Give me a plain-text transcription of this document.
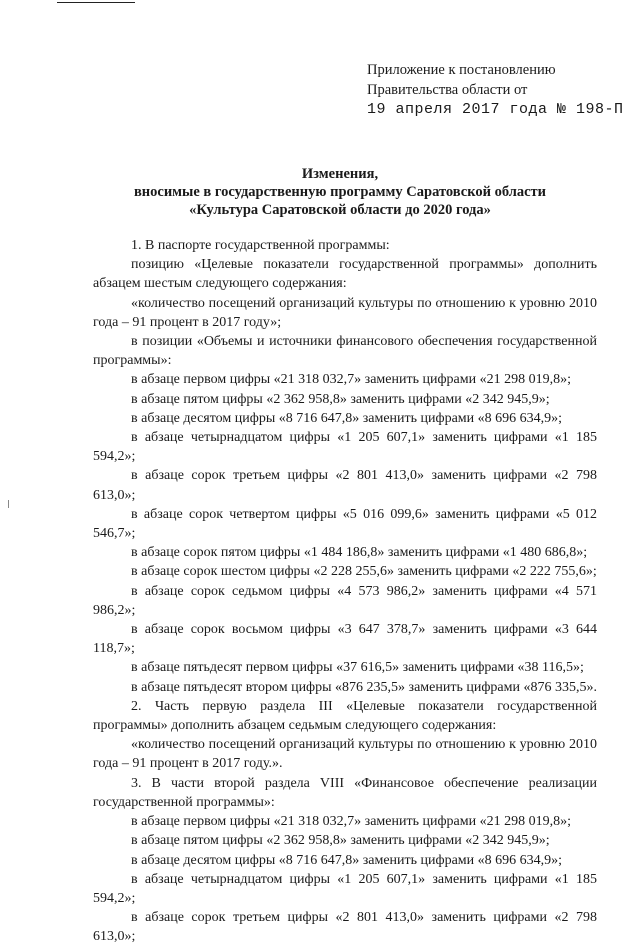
Приложение к постановлению
Правительства области от
19 апреля 2017 года № 198-П
Изменения,
вносимые в государственную программу Саратовской области
«Культура Саратовской области до 2020 года»

1. В паспорте государственной программы:

позицию «Целевые показатели государственной программы» дополнить абзацем шестым следующего содержания:

«количество посещений организаций культуры по отношению к уровню 2010 года – 91 процент в 2017 году»;

в позиции «Объемы и источники финансового обеспечения государственной программы»:

в абзаце первом цифры «21 318 032,7» заменить цифрами «21 298 019,8»;

в абзаце пятом цифры «2 362 958,8» заменить цифрами «2 342 945,9»;

в абзаце десятом цифры «8 716 647,8» заменить цифрами «8 696 634,9»;

в абзаце четырнадцатом цифры «1 205 607,1» заменить цифрами «1 185 594,2»;

в абзаце сорок третьем цифры «2 801 413,0» заменить цифрами «2 798 613,0»;

в абзаце сорок четвертом цифры «5 016 099,6» заменить цифрами «5 012 546,7»;

в абзаце сорок пятом цифры «1 484 186,8» заменить цифрами «1 480 686,8»;

в абзаце сорок шестом цифры «2 228 255,6» заменить цифрами «2 222 755,6»;

в абзаце сорок седьмом цифры «4 573 986,2» заменить цифрами «4 571 986,2»;

в абзаце сорок восьмом цифры «3 647 378,7» заменить цифрами «3 644 118,7»;

в абзаце пятьдесят первом цифры «37 616,5» заменить цифрами «38 116,5»;

в абзаце пятьдесят втором цифры «876 235,5» заменить цифрами «876 335,5».

2. Часть первую раздела III «Целевые показатели государственной программы» дополнить абзацем седьмым следующего содержания:

«количество посещений организаций культуры по отношению к уровню 2010 года – 91 процент в 2017 году.».

3. В части второй раздела VIII «Финансовое обеспечение реализации государственной программы»:

в абзаце первом цифры «21 318 032,7» заменить цифрами «21 298 019,8»;

в абзаце пятом цифры «2 362 958,8» заменить цифрами «2 342 945,9»;

в абзаце десятом цифры «8 716 647,8» заменить цифрами «8 696 634,9»;

в абзаце четырнадцатом цифры «1 205 607,1» заменить цифрами «1 185 594,2»;

в абзаце сорок третьем цифры «2 801 413,0» заменить цифрами «2 798 613,0»;
